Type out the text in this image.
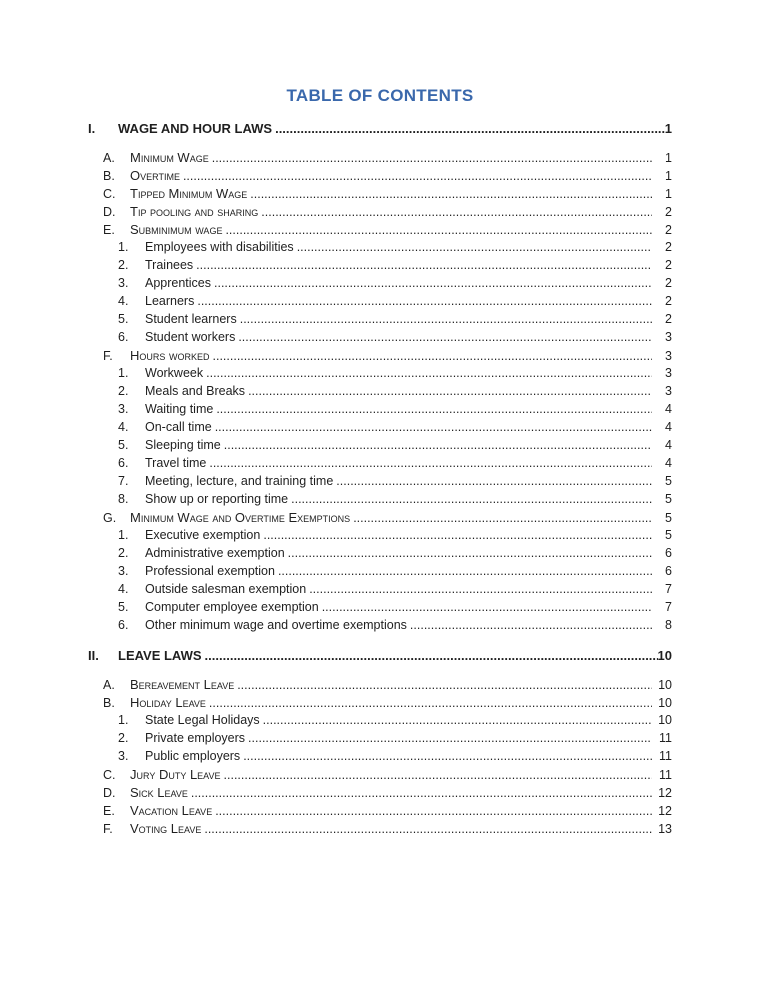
TABLE OF CONTENTS
I.	WAGE AND HOUR LAWS .....	1
A.	Minimum Wage .....	1
B.	Overtime .....	1
C.	Tipped Minimum Wage .....	1
D.	Tip pooling and sharing .....	2
E.	Subminimum wage .....	2
1.	Employees with disabilities .....	2
2.	Trainees .....	2
3.	Apprentices .....	2
4.	Learners .....	2
5.	Student learners .....	2
6.	Student workers .....	3
F.	Hours worked .....	3
1.	Workweek .....	3
2.	Meals and Breaks .....	3
3.	Waiting time .....	4
4.	On-call time .....	4
5.	Sleeping time .....	4
6.	Travel time .....	4
7.	Meeting, lecture, and training time .....	5
8.	Show up or reporting time .....	5
G.	Minimum Wage and Overtime Exemptions .....	5
1.	Executive exemption .....	5
2.	Administrative exemption .....	6
3.	Professional exemption .....	6
4.	Outside salesman exemption .....	7
5.	Computer employee exemption .....	7
6.	Other minimum wage and overtime exemptions .....	8
II.	LEAVE LAWS .....	10
A.	Bereavement Leave .....	10
B.	Holiday Leave .....	10
1.	State Legal Holidays .....	10
2.	Private employers .....	11
3.	Public employers .....	11
C.	Jury Duty Leave .....	11
D.	Sick Leave .....	12
E.	Vacation Leave .....	12
F.	Voting Leave .....	13
